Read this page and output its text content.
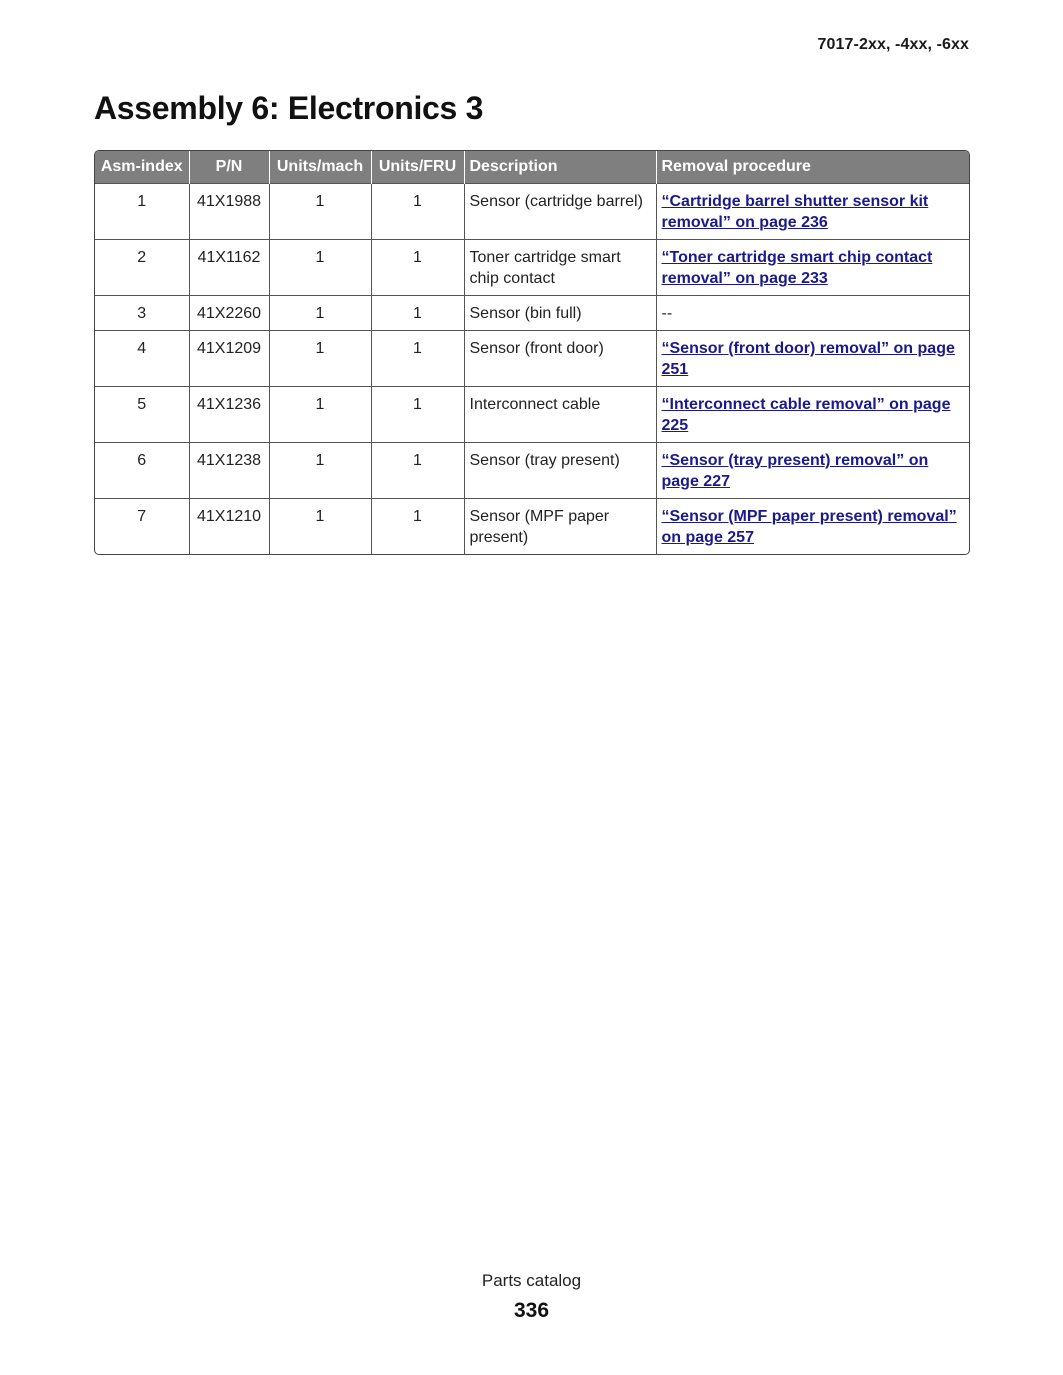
7017-2xx, -4xx, -6xx
Assembly 6: Electronics 3
Asm-index	P/N	Units/mach	Units/FRU	Description	Removal procedure
1	41X1988	1	1	Sensor (cartridge barrel)	“Cartridge barrel shutter sensor kit removal” on page 236
2	41X1162	1	1	Toner cartridge smart chip contact	“Toner cartridge smart chip contact removal” on page 233
3	41X2260	1	1	Sensor (bin full)	--
4	41X1209	1	1	Sensor (front door)	“Sensor (front door) removal” on page 251
5	41X1236	1	1	Interconnect cable	“Interconnect cable removal” on page 225
6	41X1238	1	1	Sensor (tray present)	“Sensor (tray present) removal” on page 227
7	41X1210	1	1	Sensor (MPF paper present)	“Sensor (MPF paper present) removal” on page 257
Parts catalog
336
